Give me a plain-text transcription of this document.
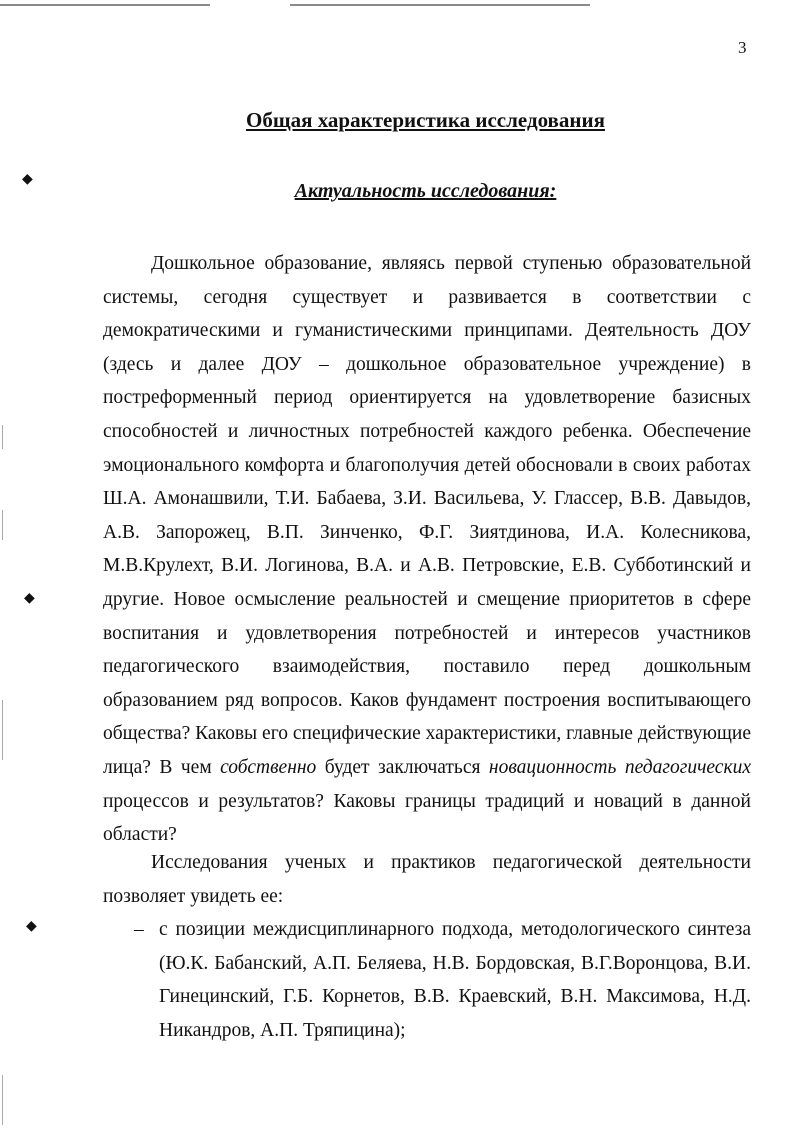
◆
◆
◆
3
Общая характеристика исследования
Актуальность исследования:

Дошкольное образование, являясь первой ступенью образовательной системы, сегодня существует и развивается в соответствии с демократическими и гуманистическими принципами. Деятельность ДОУ (здесь и далее ДОУ – дошкольное образовательное учреждение) в постреформенный период ориентируется на удовлетворение базисных способностей и личностных потребностей каждого ребенка. Обеспечение эмоционального комфорта и благополучия детей обосновали в своих работах Ш.А. Амонашвили, Т.И. Бабаева, З.И. Васильева, У. Глассер, В.В. Давыдов, А.В. Запорожец, В.П. Зинченко, Ф.Г. Зиятдинова, И.А. Колесникова, М.В.Крулехт, В.И. Логинова, В.А. и А.В. Петровские, Е.В. Субботинский и другие. Новое осмысление реальностей и смещение приоритетов в сфере воспитания и удовлетворения потребностей и интересов участников педагогического взаимодействия, поставило перед дошкольным образованием ряд вопросов. Каков фундамент построения воспитывающего общества? Каковы его специфические характеристики, главные действующие лица? В чем собственно будет заключаться новационность педагогических процессов и результатов? Каковы границы традиций и новаций в данной области?

Исследования ученых и практиков педагогической деятельности позволяет увидеть ее:

– с позиции междисциплинарного подхода, методологического синтеза (Ю.К. Бабанский, А.П. Беляева, Н.В. Бордовская, В.Г.Воронцова, В.И. Гинецинский, Г.Б. Корнетов, В.В. Краевский, В.Н. Максимова, Н.Д. Никандров, А.П. Тряпицина);
